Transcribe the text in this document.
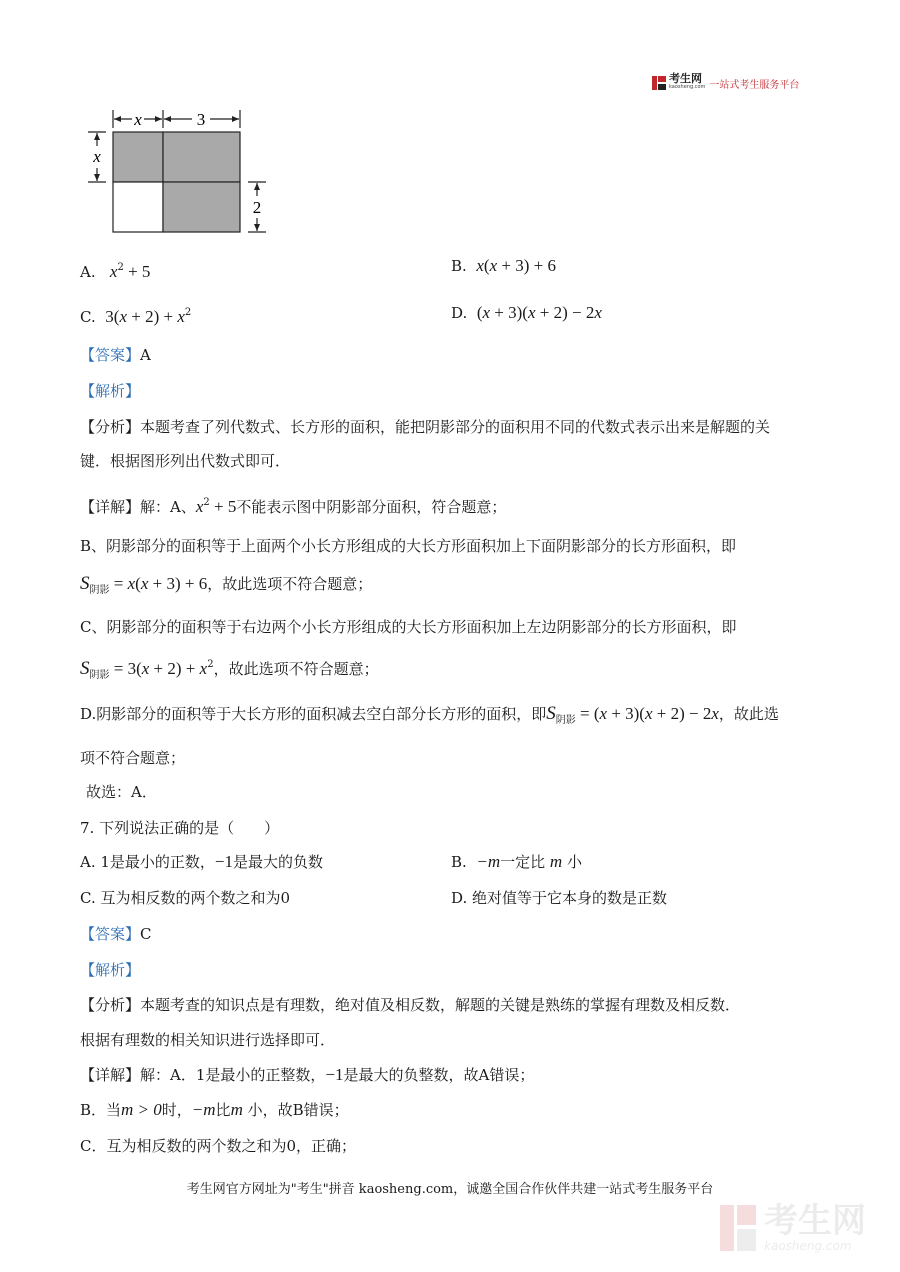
考生网
kaosheng.com 一站式考生服务平台
x	3
x
2
A. $x^2 + 5$	B. x(x + 3) + 6
C. $3(x + 2) + x^2$	D. (x + 3)(x + 2) − 2x
【答案】A
【解析】
【分析】本题考查了列代数式、长方形的面积，能把阴影部分的面积用不同的代数式表示出来是解题的关
键．根据图形列出代数式即可．
【详解】解：A、$x^2 + 5$不能表示图中阴影部分面积，符合题意；
B、阴影部分的面积等于上面两个小长方形组成的大长方形面积加上下面阴影部分的长方形面积，即
$S_{阴影} = x(x + 3) + 6$，故此选项不符合题意；
C、阴影部分的面积等于右边两个小长方形组成的大长方形面积加上左边阴影部分的长方形面积，即
$S_{阴影} = 3(x + 2) + x^2$，故此选项不符合题意；
D.阴影部分的面积等于大长方形的面积减去空白部分长方形的面积，即$S_{阴影} = (x + 3)(x + 2) - 2x$，故此选
项不符合题意；
故选：A．
7. 下列说法正确的是（　　）
A. 1是最小的正数，−1是最大的负数	B. −m一定比 m 小
C. 互为相反数的两个数之和为0	D. 绝对值等于它本身的数是正数
【答案】C
【解析】
【分析】本题考查的知识点是有理数，绝对值及相反数，解题的关键是熟练的掌握有理数及相反数．
根据有理数的相关知识进行选择即可．
【详解】解：A．1是最小的正整数，−1是最大的负整数，故A错误；
B．当m > 0时，−m比m 小，故B错误；
C．互为相反数的两个数之和为0，正确；
考生网官方网址为"考生"拼音 kaosheng.com，诚邀全国合作伙伴共建一站式考生服务平台
考生网
kaosheng.com
